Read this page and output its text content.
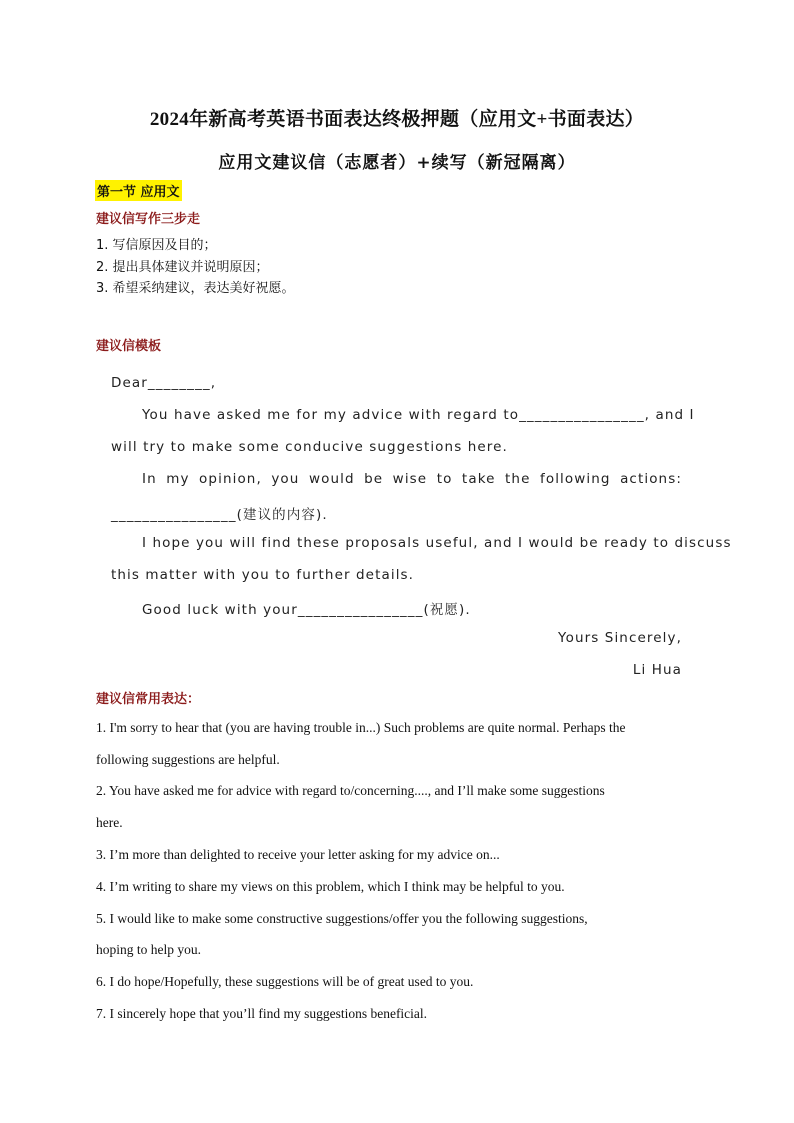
2024年新高考英语书面表达终极押题（应用文+书面表达）
应用文建议信（志愿者）+续写（新冠隔离）
第一节 应用文
建议信写作三步走
1. 写信原因及目的；
2. 提出具体建议并说明原因；
3. 希望采纳建议，表达美好祝愿。
建议信模板
Dear________,
You have asked me for my advice with regard to________________, and I
will try to make some conducive suggestions here.
In my opinion, you would be wise to take the following actions:
________________(建议的内容).
I hope you will find these proposals useful, and I would be ready to discuss
this matter with you to further details.
Good luck with your________________(祝愿).
Yours Sincerely,
Li Hua
建议信常用表达：
1. I'm sorry to hear that (you are having trouble in...) Such problems are quite normal. Perhaps the
following suggestions are helpful.
2. You have asked me for advice with regard to/concerning...., and I’ll make some suggestions
here.
3. I’m more than delighted to receive your letter asking for my advice on...
4. I’m writing to share my views on this problem, which I think may be helpful to you.
5. I would like to make some constructive suggestions/offer you the following suggestions,
hoping to help you.
6. I do hope/Hopefully, these suggestions will be of great used to you.
7. I sincerely hope that you’ll find my suggestions beneficial.
